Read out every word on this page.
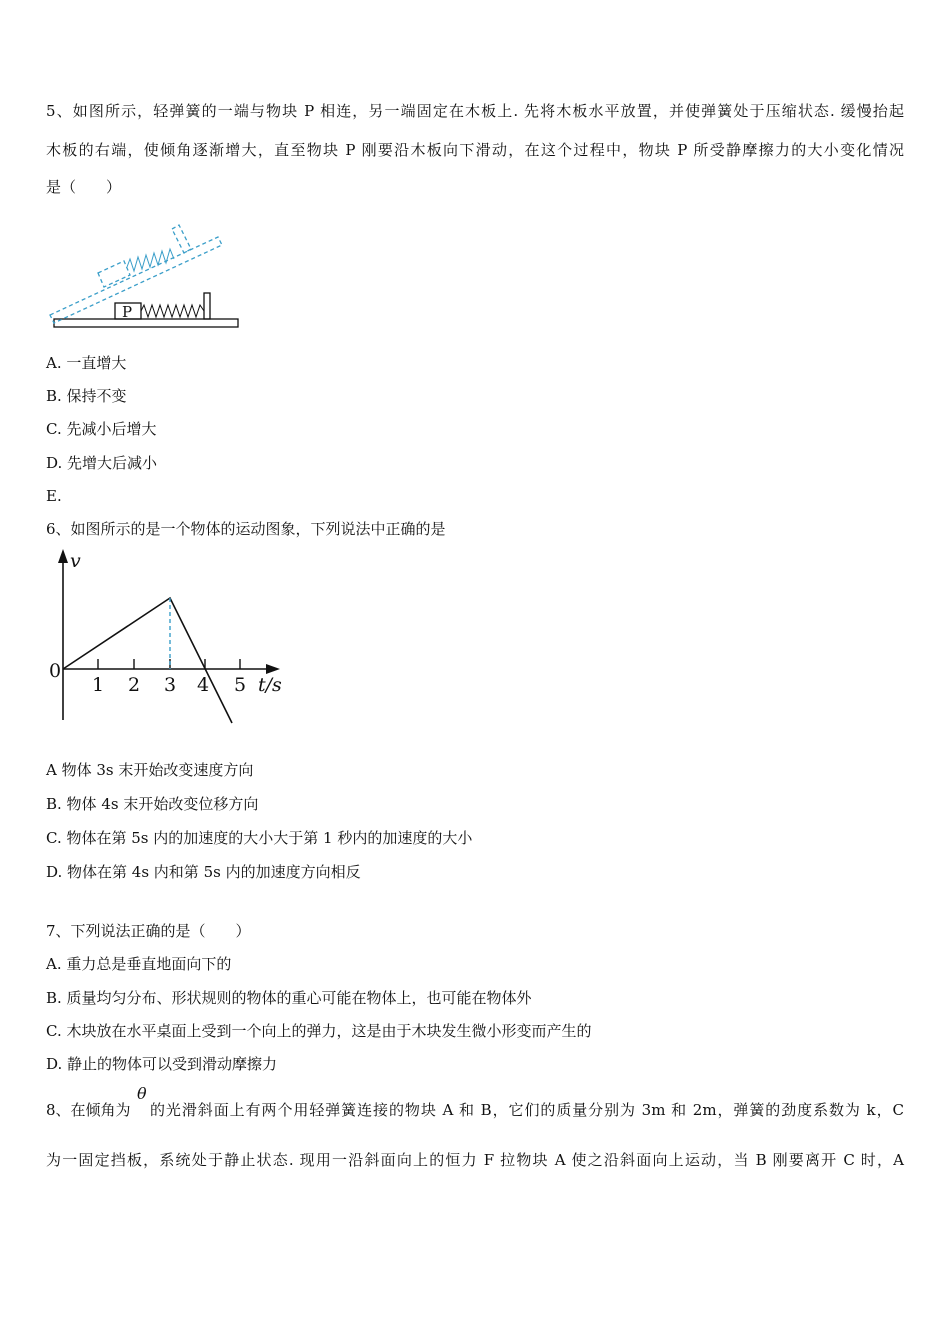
5、如图所示，轻弹簧的一端与物块 P 相连，另一端固定在木板上. 先将木板水平放置，并使弹簧处于压缩状态. 缓慢抬起
木板的右端，使倾角逐渐增大，直至物块 P 刚要沿木板向下滑动，在这个过程中，物块 P 所受静摩擦力的大小变化情况
是（　　）
P
A. 一直增大
B. 保持不变
C. 先减小后增大
D. 先增大后减小
E.
6、如图所示的是一个物体的运动图象，下列说法中正确的是
v
0
1 2 3 4 5 t/s
A 物体 3s 末开始改变速度方向
B. 物体 4s 末开始改变位移方向
C. 物体在第 5s 内的加速度的大小大于第 1 秒内的加速度的大小
D. 物体在第 4s 内和第 5s 内的加速度方向相反
7、下列说法正确的是（　　）
A. 重力总是垂直地面向下的
B. 质量均匀分布、形状规则的物体的重心可能在物体上，也可能在物体外
C. 木块放在水平桌面上受到一个向上的弹力，这是由于木块发生微小形变而产生的
D. 静止的物体可以受到滑动摩擦力
8、在倾角为
θ
的光滑斜面上有两个用轻弹簧连接的物块 A 和 B，它们的质量分别为 3m 和 2m，弹簧的劲度系数为 k，C
为一固定挡板，系统处于静止状态. 现用一沿斜面向上的恒力 F 拉物块 A 使之沿斜面向上运动，当 B 刚要离开 C 时，A
